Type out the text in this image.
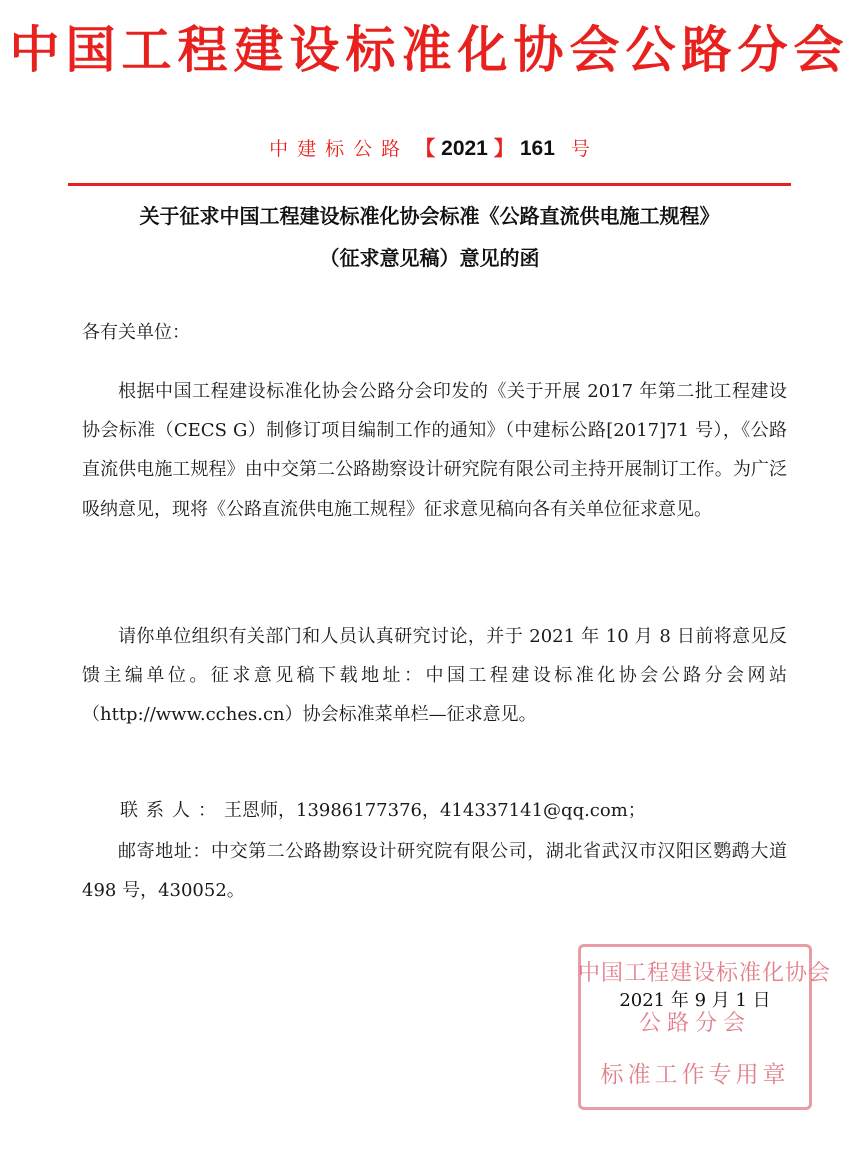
中国工程建设标准化协会公路分会
中建标公路 【 2021 】 161 号
关于征求中国工程建设标准化协会标准《公路直流供电施工规程》
（征求意见稿）意见的函
各有关单位：

根据中国工程建设标准化协会公路分会印发的《关于开展 2017 年第二批工程建设协会标准（CECS G）制修订项目编制工作的通知》（中建标公路[2017]71 号），《公路直流供电施工规程》由中交第二公路勘察设计研究院有限公司主持开展制订工作。为广泛吸纳意见，现将《公路直流供电施工规程》征求意见稿向各有关单位征求意见。

请你单位组织有关部门和人员认真研究讨论，并于 2021 年 10 月 8 日前将意见反馈主编单位。征求意见稿下载地址：中国工程建设标准化协会公路分会网站（http://www.cches.cn）协会标准菜单栏—征求意见。

联系人：王恩师，13986177376，414337141@qq.com；

邮寄地址：中交第二公路勘察设计研究院有限公司，湖北省武汉市汉阳区鹦鹉大道 498 号，430052。

中国工程建设标准化协会
公路分会
标准工作专用章
2021 年 9 月 1 日
